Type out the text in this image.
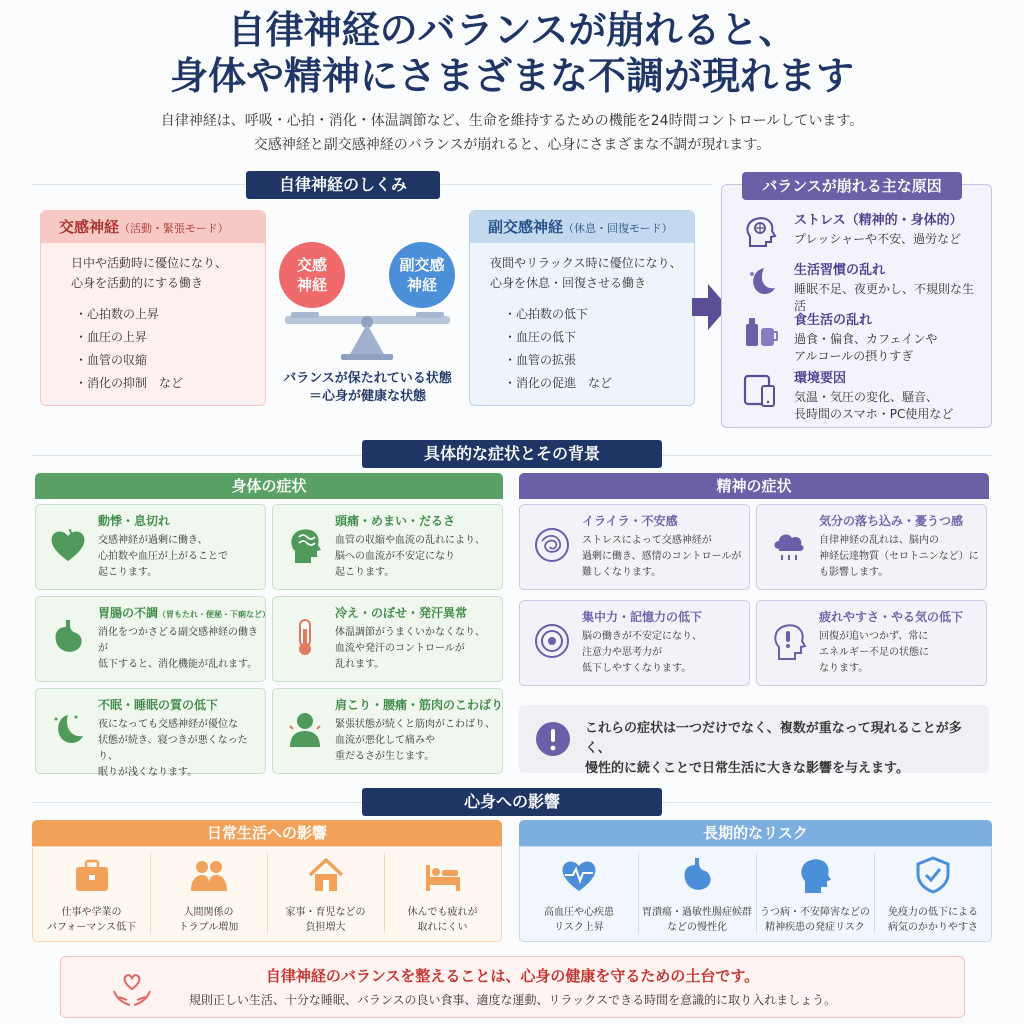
自律神経のバランスが崩れると、
身体や精神にさまざまな不調が現れます
自律神経は、呼吸・心拍・消化・体温調節など、生命を維持するための機能を24時間コントロールしています。
交感神経と副交感神経のバランスが崩れると、心身にさまざまな不調が現れます。
自律神経のしくみ
交感神経（活動・緊張モード）
日中や活動時に優位になり、
心身を活動的にする働き
・ 心拍数の上昇
・ 血圧の上昇
・ 血管の収縮
・ 消化の抑制　など
交感
神経
副交感
神経
バランスが保たれている状態
＝心身が健康な状態
副交感神経（休息・回復モード）
夜間やリラックス時に優位になり、
心身を休息・回復させる働き
・ 心拍数の低下
・ 血圧の低下
・ 血管の拡張
・ 消化の促進　など
バランスが崩れる主な原因
ストレス（精神的・身体的）
プレッシャーや不安、過労など
生活習慣の乱れ
睡眠不足、夜更かし、不規則な生活
食生活の乱れ
過食・偏食、カフェインや
アルコールの摂りすぎ
環境要因
気温・気圧の変化、騒音、
長時間のスマホ・PC使用など
具体的な症状とその背景
身体の症状	精神の症状
動悸・息切れ
交感神経が過剰に働き、
心拍数や血圧が上がることで
起こります。
頭痛・めまい・だるさ
血管の収縮や血流の乱れにより、
脳への血流が不安定になり
起こります。
胃腸の不調（胃もたれ・便秘・下痢など）
消化をつかさどる副交感神経の働きが
低下すると、消化機能が乱れます。
冷え・のぼせ・発汗異常
体温調節がうまくいかなくなり、
血流や発汗のコントロールが
乱れます。
不眠・睡眠の質の低下
夜になっても交感神経が優位な
状態が続き、寝つきが悪くなったり、
眠りが浅くなります。
肩こり・腰痛・筋肉のこわばり
緊張状態が続くと筋肉がこわばり、
血流が悪化して痛みや
重だるさが生じます。
イライラ・不安感
ストレスによって交感神経が
過剰に働き、感情のコントロールが
難しくなります。
気分の落ち込み・憂うつ感
自律神経の乱れは、脳内の
神経伝達物質（セロトニンなど）に
も影響します。
集中力・記憶力の低下
脳の働きが不安定になり、
注意力や思考力が
低下しやすくなります。
疲れやすさ・やる気の低下
回復が追いつかず、常に
エネルギー不足の状態に
なります。
これらの症状は一つだけでなく、複数が重なって現れることが多く、
慢性的に続くことで日常生活に大きな影響を与えます。
心身への影響
日常生活への影響	長期的なリスク
仕事や学業の
パフォーマンス低下
人間関係の
トラブル増加
家事・育児などの
負担増大
休んでも疲れが
取れにくい
高血圧や心疾患
リスク上昇
胃潰瘍・過敏性腸症候群
などの慢性化
うつ病・不安障害などの
精神疾患の発症リスク
免疫力の低下による
病気のかかりやすさ
自律神経のバランスを整えることは、心身の健康を守るための土台です。
規則正しい生活、十分な睡眠、バランスの良い食事、適度な運動、リラックスできる時間を意識的に取り入れましょう。
